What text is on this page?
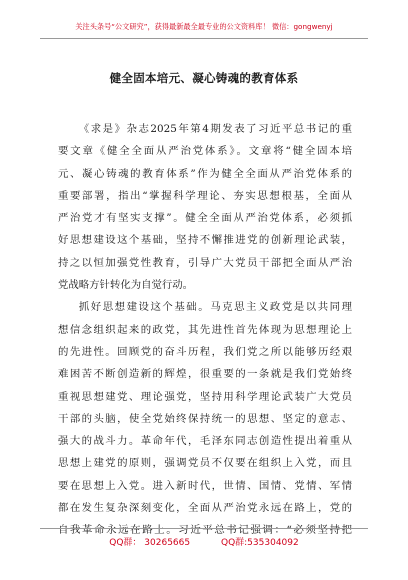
关注头条号“公文研究”，获得最新最全最专业的公文资料库！ 微信：gongwenyj
健全固本培元、凝心铸魂的教育体系
《求是》杂志2025年第4期发表了习近平总书记的重
要文章《健全全面从严治党体系》。文章将“健全固本培
元、凝心铸魂的教育体系”作为健全全面从严治党体系的
重要部署，指出“掌握科学理论、夯实思想根基，全面从
严治党才有坚实支撑”。健全全面从严治党体系，必须抓
好思想建设这个基础，坚持不懈推进党的创新理论武装，
持之以恒加强党性教育，引导广大党员干部把全面从严治
党战略方针转化为自觉行动。
抓好思想建设这个基础。马克思主义政党是以共同理
想信念组织起来的政党，其先进性首先体现为思想理论上
的先进性。回顾党的奋斗历程，我们党之所以能够历经艰
难困苦不断创造新的辉煌，很重要的一条就是我们党始终
重视思想建党、理论强党，坚持用科学理论武装广大党员
干部的头脑，使全党始终保持统一的思想、坚定的意志、
强大的战斗力。革命年代，毛泽东同志创造性提出着重从
思想上建党的原则，强调党员不仅要在组织上入党，而且
要在思想上入党。进入新时代，世情、国情、党情、军情
都在发生复杂深刻变化，全面从严治党永远在路上，党的
自我革命永远在路上。习近平总书记强调：“必须坚持把
QQ群： 30265665	QQ群:535304092
